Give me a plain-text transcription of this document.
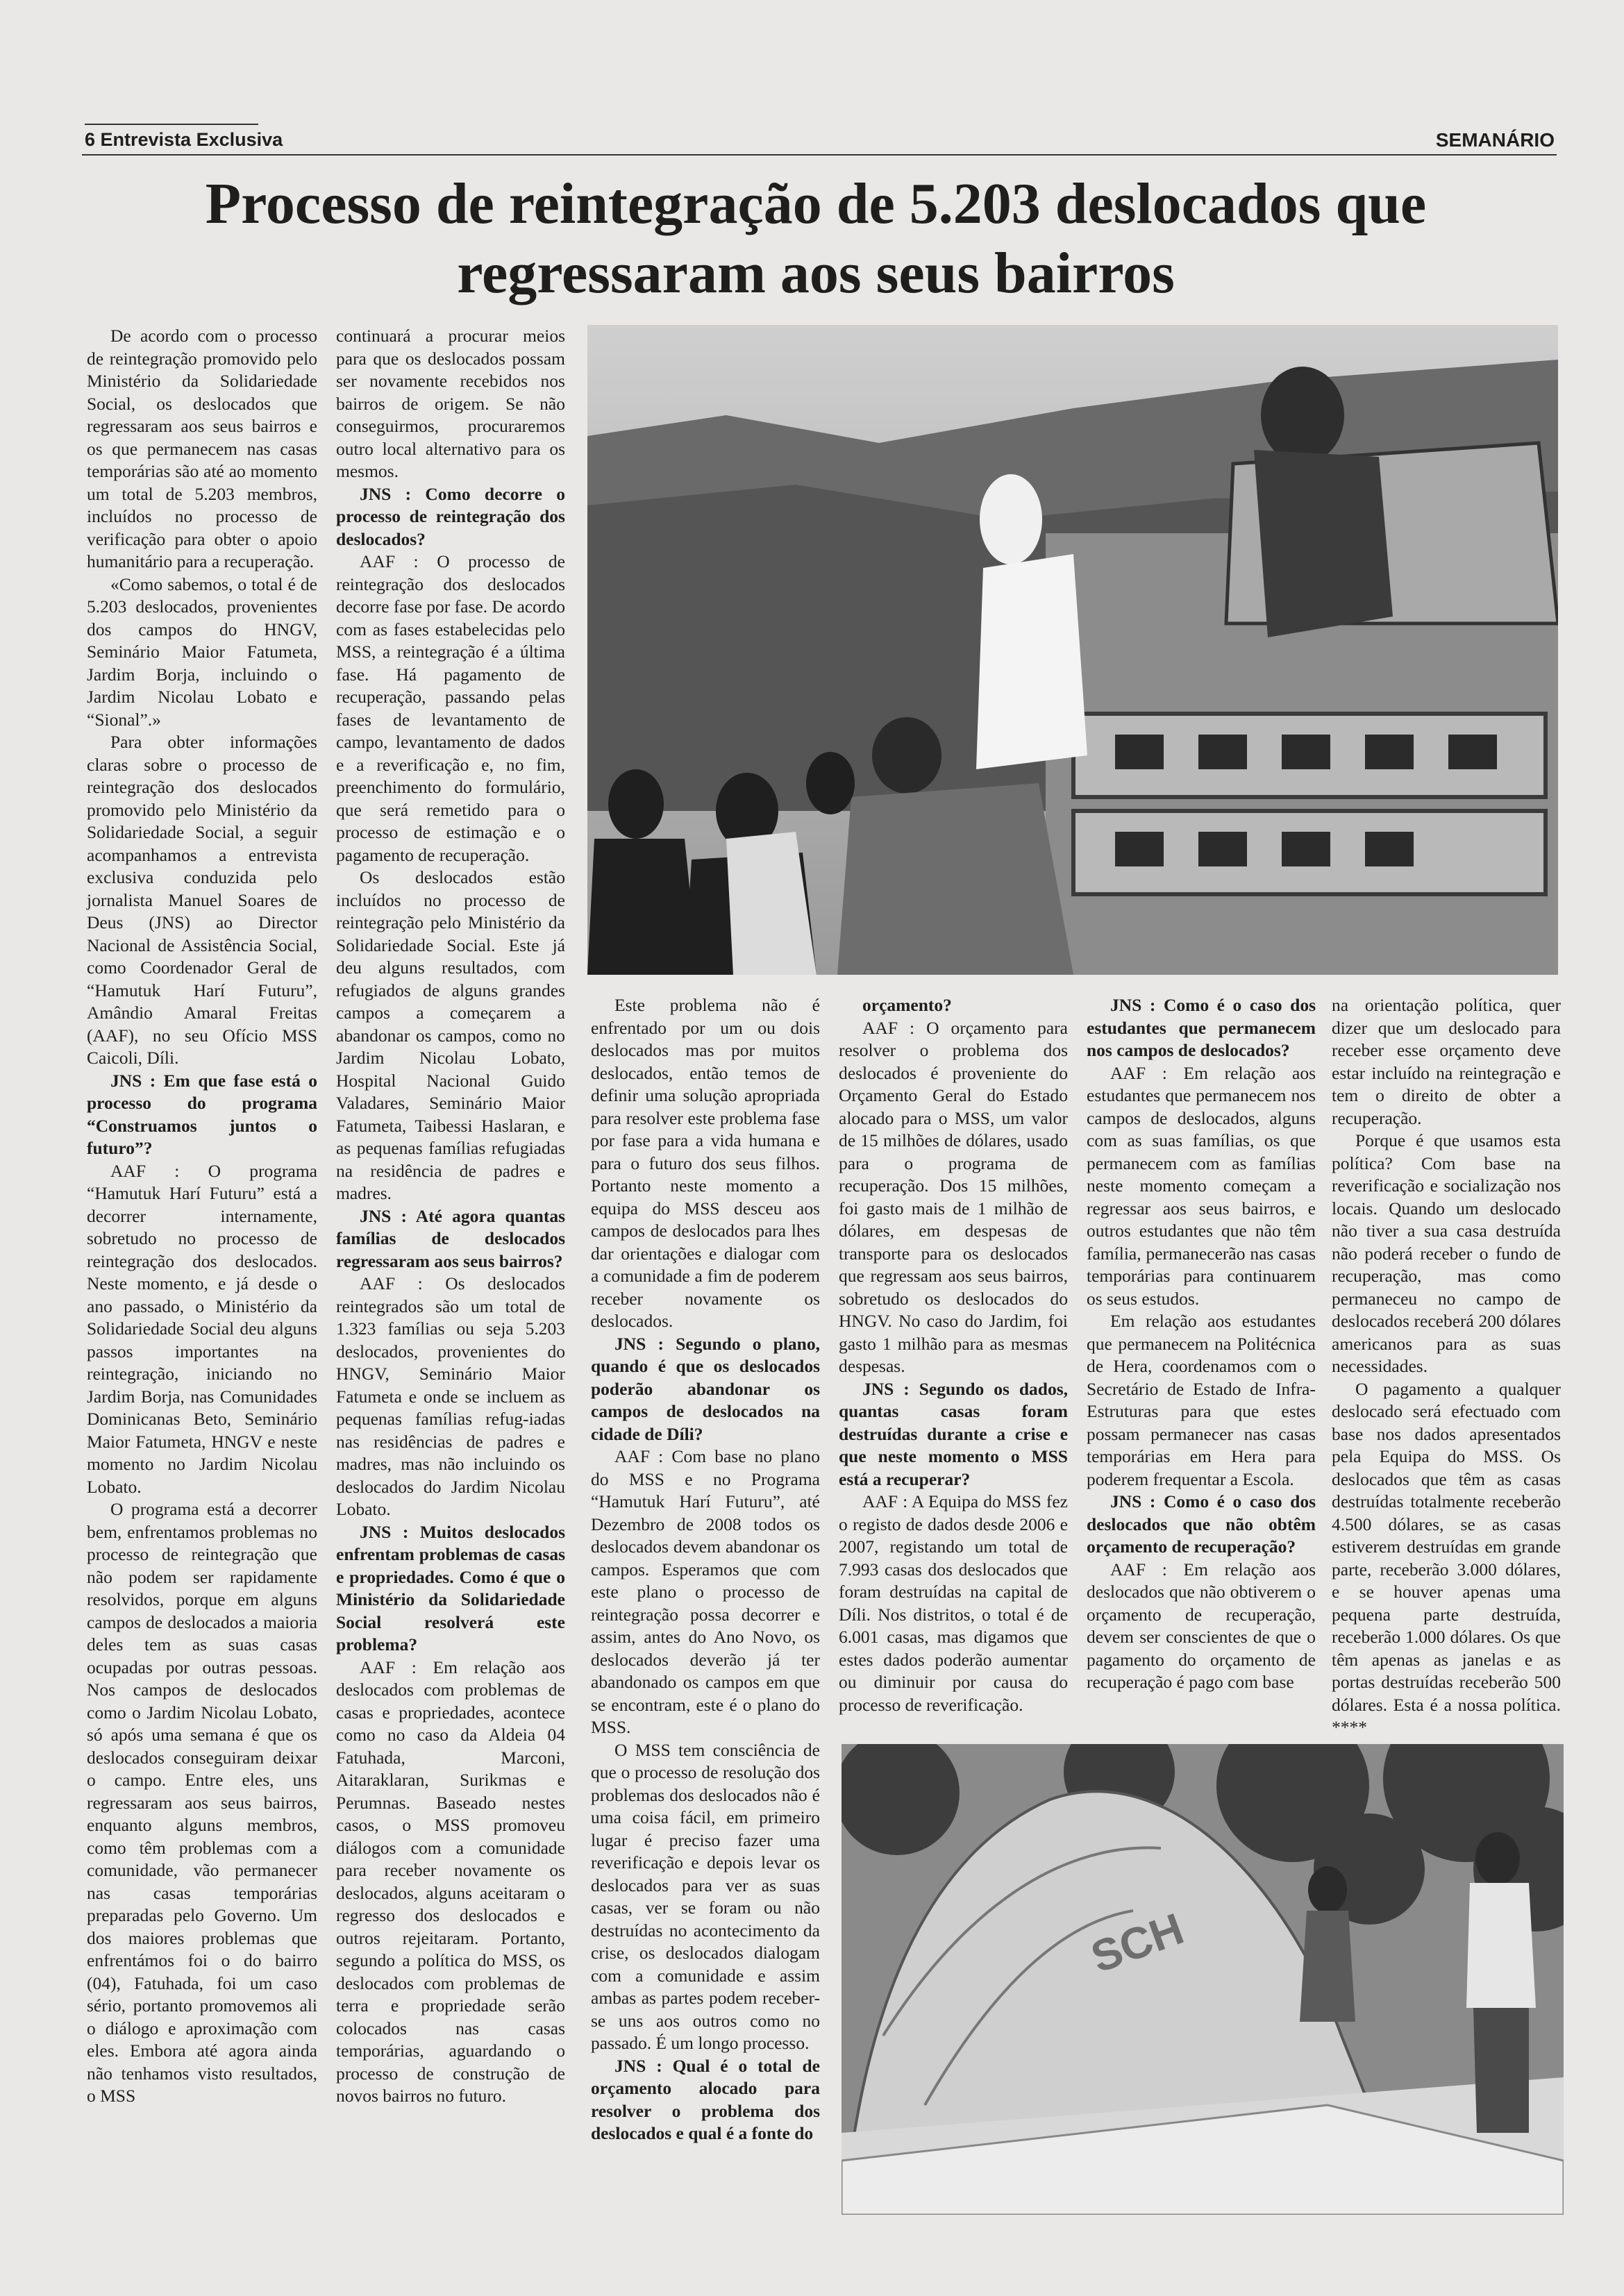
6 Entrevista Exclusiva	SEMANÁRIO
Processo de reintegração de 5.203 deslocados que regressaram aos seus bairros

De acordo com o processo de reintegração promovido pelo Ministério da Solidariedade Social, os deslocados que regressaram aos seus bairros e os que permanecem nas casas temporárias são até ao momento um total de 5.203 membros, incluídos no processo de verificação para obter o apoio humanitário para a recuperação.

«Como sabemos, o total é de 5.203 deslocados, provenientes dos campos do HNGV, Seminário Maior Fatumeta, Jardim Borja, incluindo o Jardim Nicolau Lobato e “Sional”.»

Para obter informações claras sobre o processo de reintegração dos deslocados promovido pelo Ministério da Solidariedade Social, a seguir acompanhamos a entrevista exclusiva conduzida pelo jornalista Manuel Soares de Deus (JNS) ao Director Nacional de Assistência Social, como Coordenador Geral de “Hamutuk Harí Futuru”, Amândio Amaral Freitas (AAF), no seu Ofício MSS Caicoli, Díli.

JNS : Em que fase está o processo do programa “Construamos juntos o futuro”?

AAF : O programa “Hamutuk Harí Futuru” está a decorrer internamente, sobretudo no processo de reintegração dos deslocados. Neste momento, e já desde o ano passado, o Ministério da Solidariedade Social deu alguns passos importantes na reintegração, iniciando no Jardim Borja, nas Comunidades Dominicanas Beto, Seminário Maior Fatumeta, HNGV e neste momento no Jardim Nicolau Lobato.

O programa está a decorrer bem, enfrentamos problemas no processo de reintegração que não podem ser rapidamente resolvidos, porque em alguns campos de deslocados a maioria deles tem as suas casas ocupadas por outras pessoas. Nos campos de deslocados como o Jardim Nicolau Lobato, só após uma semana é que os deslocados conseguiram deixar o campo. Entre eles, uns regressaram aos seus bairros, enquanto alguns membros, como têm problemas com a comunidade, vão permanecer nas casas temporárias preparadas pelo Governo. Um dos maiores problemas que enfrentámos foi o do bairro (04), Fatuhada, foi um caso sério, portanto promovemos ali o diálogo e aproximação com eles. Embora até agora ainda não tenhamos visto resultados, o MSS

continuará a procurar meios para que os deslocados possam ser novamente recebidos nos bairros de origem. Se não conseguirmos, procuraremos outro local alternativo para os mesmos.

JNS : Como decorre o processo de reintegração dos deslocados?

AAF : O processo de reintegração dos deslocados decorre fase por fase. De acordo com as fases estabelecidas pelo MSS, a reintegração é a última fase. Há pagamento de recuperação, passando pelas fases de levantamento de campo, levantamento de dados e a reverificação e, no fim, preenchimento do formulário, que será remetido para o processo de estimação e o pagamento de recuperação.

Os deslocados estão incluídos no processo de reintegração pelo Ministério da Solidariedade Social. Este já deu alguns resultados, com refugiados de alguns grandes campos a começarem a abandonar os campos, como no Jardim Nicolau Lobato, Hospital Nacional Guido Valadares, Seminário Maior Fatumeta, Taibessi Haslaran, e as pequenas famílias refugiadas na residência de padres e madres.

JNS : Até agora quantas famílias de deslocados regressaram aos seus bairros?

AAF : Os deslocados reintegrados são um total de 1.323 famílias ou seja 5.203 deslocados, provenientes do HNGV, Seminário Maior Fatumeta e onde se incluem as pequenas famílias refug-iadas nas residências de padres e madres, mas não incluindo os deslocados do Jardim Nicolau Lobato.

JNS : Muitos deslocados enfrentam problemas de casas e propriedades. Como é que o Ministério da Solidariedade Social resolverá este problema?

AAF : Em relação aos deslocados com problemas de casas e propriedades, acontece como no caso da Aldeia 04 Fatuhada, Marconi, Aitaraklaran, Surikmas e Perumnas. Baseado nestes casos, o MSS promoveu diálogos com a comunidade para receber novamente os deslocados, alguns aceitaram o regresso dos deslocados e outros rejeitaram. Portanto, segundo a política do MSS, os deslocados com problemas de terra e propriedade serão colocados nas casas temporárias, aguardando o processo de construção de novos bairros no futuro.

Este problema não é enfrentado por um ou dois deslocados mas por muitos deslocados, então temos de definir uma solução apropriada para resolver este problema fase por fase para a vida humana e para o futuro dos seus filhos. Portanto neste momento a equipa do MSS desceu aos campos de deslocados para lhes dar orientações e dialogar com a comunidade a fim de poderem receber novamente os deslocados.

JNS : Segundo o plano, quando é que os deslocados poderão abandonar os campos de deslocados na cidade de Díli?

AAF : Com base no plano do MSS e no Programa “Hamutuk Harí Futuru”, até Dezembro de 2008 todos os deslocados devem abandonar os campos. Esperamos que com este plano o processo de reintegração possa decorrer e assim, antes do Ano Novo, os deslocados deverão já ter abandonado os campos em que se encontram, este é o plano do MSS.

O MSS tem consciência de que o processo de resolução dos problemas dos deslocados não é uma coisa fácil, em primeiro lugar é preciso fazer uma reverificação e depois levar os deslocados para ver as suas casas, ver se foram ou não destruídas no acontecimento da crise, os deslocados dialogam com a comunidade e assim ambas as partes podem receber-se uns aos outros como no passado. É um longo processo.

JNS : Qual é o total de orçamento alocado para resolver o problema dos deslocados e qual é a fonte do

orçamento?

AAF : O orçamento para resolver o problema dos deslocados é proveniente do Orçamento Geral do Estado alocado para o MSS, um valor de 15 milhões de dólares, usado para o programa de recuperação. Dos 15 milhões, foi gasto mais de 1 milhão de dólares, em despesas de transporte para os deslocados que regressam aos seus bairros, sobretudo os deslocados do HNGV. No caso do Jardim, foi gasto 1 milhão para as mesmas despesas.

JNS : Segundo os dados, quantas casas foram destruídas durante a crise e que neste momento o MSS está a recuperar?

AAF : A Equipa do MSS fez o registo de dados desde 2006 e 2007, registando um total de 7.993 casas dos deslocados que foram destruídas na capital de Díli. Nos distritos, o total é de 6.001 casas, mas digamos que estes dados poderão aumentar ou diminuir por causa do processo de reverificação.

JNS : Como é o caso dos estudantes que permanecem nos campos de deslocados?

AAF : Em relação aos estudantes que permanecem nos campos de deslocados, alguns com as suas famílias, os que permanecem com as famílias neste momento começam a regressar aos seus bairros, e outros estudantes que não têm família, permanecerão nas casas temporárias para continuarem os seus estudos.

Em relação aos estudantes que permanecem na Politécnica de Hera, coordenamos com o Secretário de Estado de Infra-Estruturas para que estes possam permanecer nas casas temporárias em Hera para poderem frequentar a Escola.

JNS : Como é o caso dos deslocados que não obtêm orçamento de recuperação?

AAF : Em relação aos deslocados que não obtiverem o orçamento de recuperação, devem ser conscientes de que o pagamento do orçamento de recuperação é pago com base

na orientação política, quer dizer que um deslocado para receber esse orçamento deve estar incluído na reintegração e tem o direito de obter a recuperação.

Porque é que usamos esta política? Com base na reverificação e socialização nos locais. Quando um deslocado não tiver a sua casa destruída não poderá receber o fundo de recuperação, mas como permaneceu no campo de deslocados receberá 200 dólares americanos para as suas necessidades.

O pagamento a qualquer deslocado será efectuado com base nos dados apresentados pela Equipa do MSS. Os deslocados que têm as casas destruídas totalmente receberão 4.500 dólares, se as casas estiverem destruídas em grande parte, receberão 3.000 dólares, e se houver apenas uma pequena parte destruída, receberão 1.000 dólares. Os que têm apenas as janelas e as portas destruídas receberão 500 dólares. Esta é a nossa política. ****

SCH
